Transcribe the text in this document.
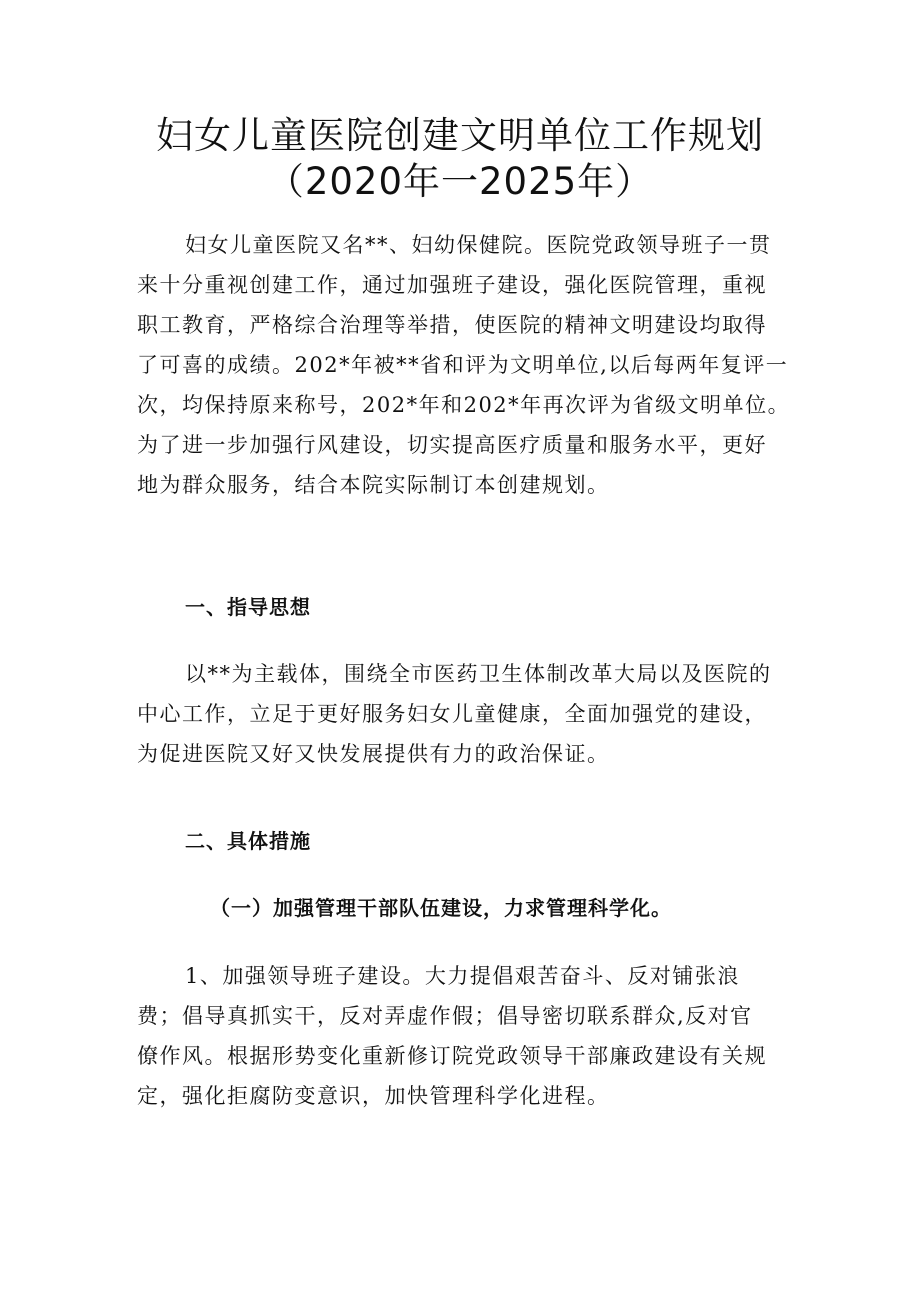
妇女儿童医院创建文明单位工作规划
（2020年一2025年）
妇女儿童医院又名**、妇幼保健院。医院党政领导班子一贯
来十分重视创建工作，通过加强班子建设，强化医院管理，重视
职工教育，严格综合治理等举措，使医院的精神文明建设均取得
了可喜的成绩。202*年被**省和评为文明单位,以后每两年复评一
次，均保持原来称号，202*年和202*年再次评为省级文明单位。
为了进一步加强行风建设，切实提高医疗质量和服务水平，更好
地为群众服务，结合本院实际制订本创建规划。
一、指导思想
以**为主载体，围绕全市医药卫生体制改革大局以及医院的
中心工作，立足于更好服务妇女儿童健康，全面加强党的建设，
为促进医院又好又快发展提供有力的政治保证。
二、具体措施
（一）加强管理干部队伍建设，力求管理科学化。
1、加强领导班子建设。大力提倡艰苦奋斗、反对铺张浪
费；倡导真抓实干，反对弄虚作假；倡导密切联系群众,反对官
僚作风。根据形势变化重新修订院党政领导干部廉政建设有关规
定，强化拒腐防变意识，加快管理科学化进程。
